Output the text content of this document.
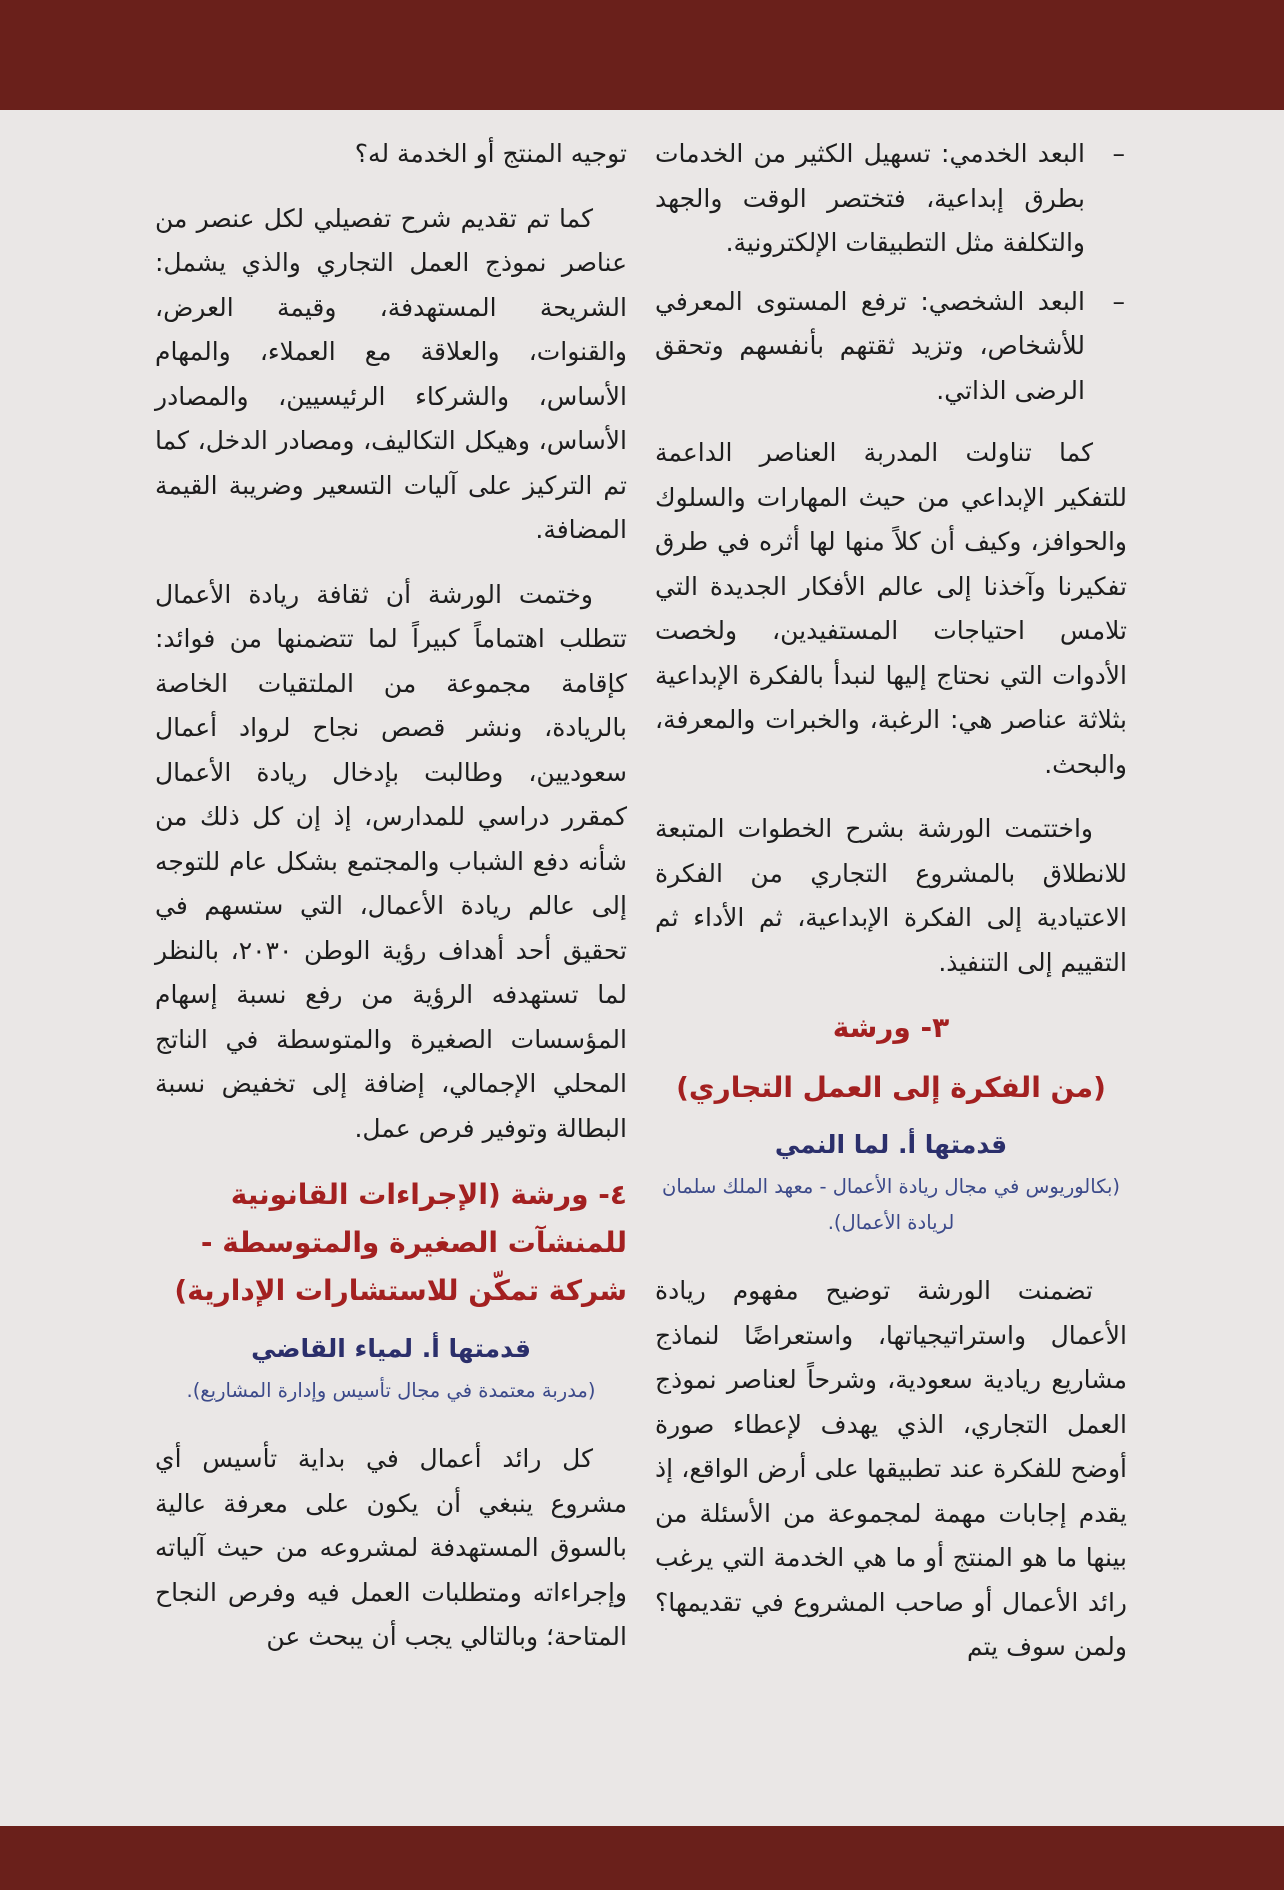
–
البعد الخدمي: تسهيل الكثير من الخدمات بطرق إبداعية، فتختصر الوقت والجهد والتكلفة مثل التطبيقات الإلكترونية.
–
البعد الشخصي: ترفع المستوى المعرفي للأشخاص، وتزيد ثقتهم بأنفسهم وتحقق الرضى الذاتي.

كما تناولت المدربة العناصر الداعمة للتفكير الإبداعي من حيث المهارات والسلوك والحوافز، وكيف أن كلاً منها لها أثره في طرق تفكيرنا وآخذنا إلى عالم الأفكار الجديدة التي تلامس احتياجات المستفيدين، ولخصت الأدوات التي نحتاج إليها لنبدأ بالفكرة الإبداعية بثلاثة عناصر هي: الرغبة، والخبرات والمعرفة، والبحث.

واختتمت الورشة بشرح الخطوات المتبعة للانطلاق بالمشروع التجاري من الفكرة الاعتيادية إلى الفكرة الإبداعية، ثم الأداء ثم التقييم إلى التنفيذ.

٣- ورشة
(من الفكرة إلى العمل التجاري)
قدمتها أ. لما النمي
(بكالوريوس في مجال ريادة الأعمال - معهد الملك سلمان لريادة الأعمال).

تضمنت الورشة توضيح مفهوم ريادة الأعمال واستراتيجياتها، واستعراضًا لنماذج مشاريع ريادية سعودية، وشرحاً لعناصر نموذج العمل التجاري، الذي يهدف لإعطاء صورة أوضح للفكرة عند تطبيقها على أرض الواقع، إذ يقدم إجابات مهمة لمجموعة من الأسئلة من بينها ما هو المنتج أو ما هي الخدمة التي يرغب رائد الأعمال أو صاحب المشروع في تقديمها؟ ولمن سوف يتم

توجيه المنتج أو الخدمة له؟

كما تم تقديم شرح تفصيلي لكل عنصر من عناصر نموذج العمل التجاري والذي يشمل: الشريحة المستهدفة، وقيمة العرض، والقنوات، والعلاقة مع العملاء، والمهام الأساس، والشركاء الرئيسيين، والمصادر الأساس، وهيكل التكاليف، ومصادر الدخل، كما تم التركيز على آليات التسعير وضريبة القيمة المضافة.

وختمت الورشة أن ثقافة ريادة الأعمال تتطلب اهتماماً كبيراً لما تتضمنها من فوائد: كإقامة مجموعة من الملتقيات الخاصة بالريادة، ونشر قصص نجاح لرواد أعمال سعوديين، وطالبت بإدخال ريادة الأعمال كمقرر دراسي للمدارس، إذ إن كل ذلك من شأنه دفع الشباب والمجتمع بشكل عام للتوجه إلى عالم ريادة الأعمال، التي ستسهم في تحقيق أحد أهداف رؤية الوطن ٢٠٣٠، بالنظر لما تستهدفه الرؤية من رفع نسبة إسهام المؤسسات الصغيرة والمتوسطة في الناتج المحلي الإجمالي، إضافة إلى تخفيض نسبة البطالة وتوفير فرص عمل.

٤- ورشة (الإجراءات القانونية للمنشآت الصغيرة والمتوسطة - شركة تمكّن للاستشارات الإدارية)
قدمتها أ. لمياء القاضي
(مدربة معتمدة في مجال تأسيس وإدارة المشاريع).

كل رائد أعمال في بداية تأسيس أي مشروع ينبغي أن يكون على معرفة عالية بالسوق المستهدفة لمشروعه من حيث آلياته وإجراءاته ومتطلبات العمل فيه وفرص النجاح المتاحة؛ وبالتالي يجب أن يبحث عن
